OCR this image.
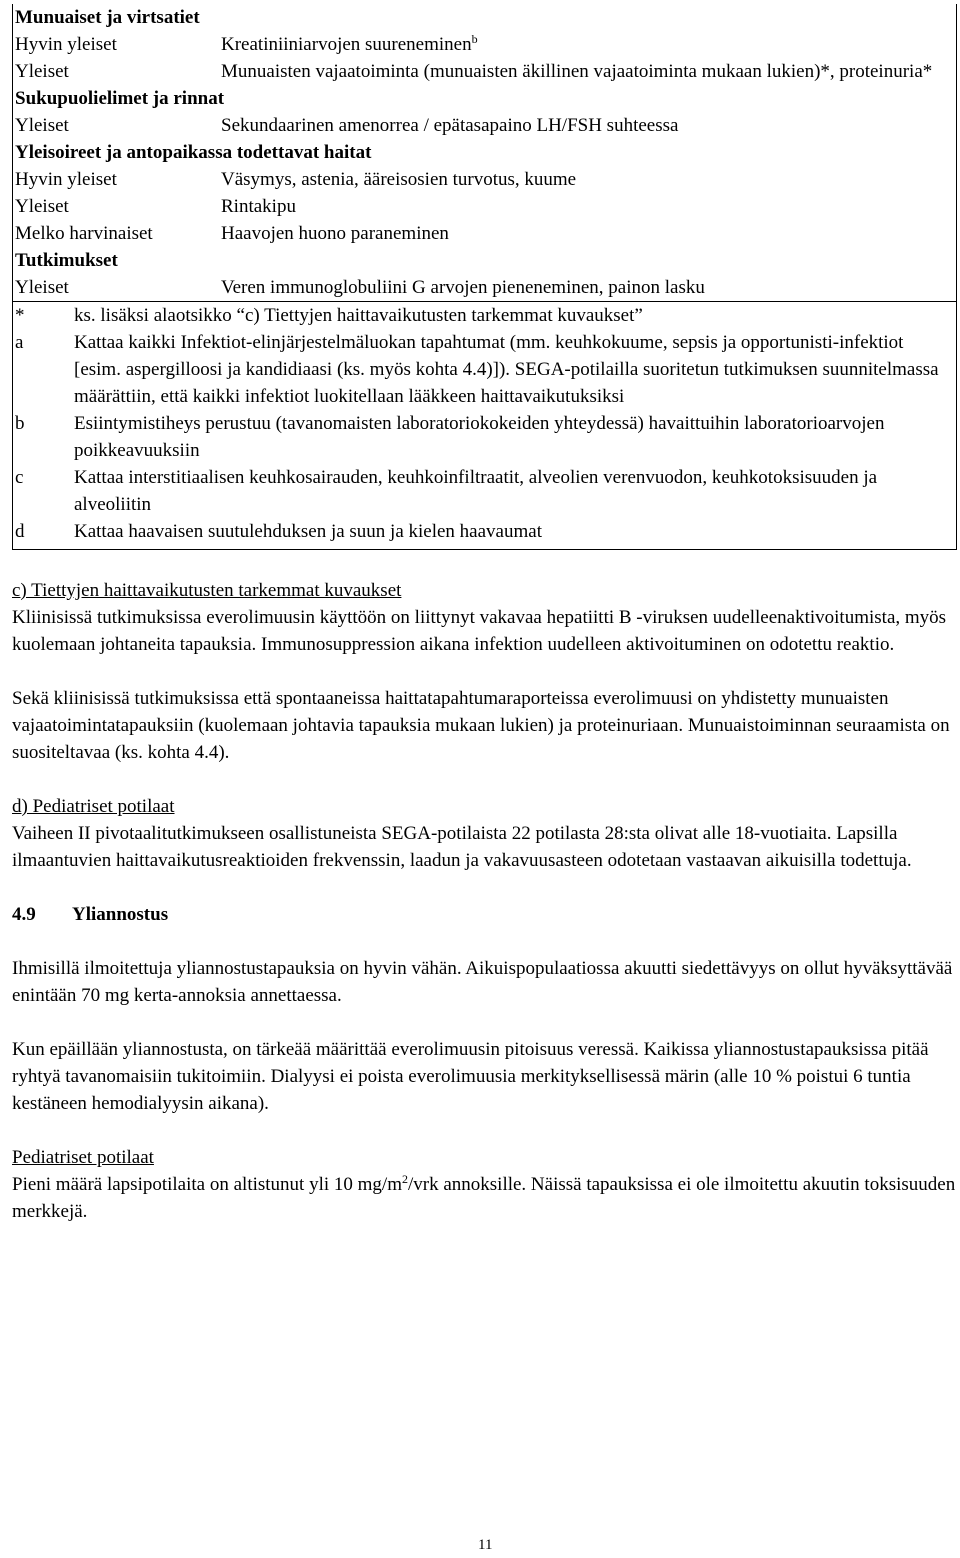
Munuaiset ja virtsatiet
Hyvin yleiset	Kreatiniiniarvojen suureneminen$^b$
Yleiset	Munuaisten vajaatoiminta (munuaisten äkillinen vajaatoiminta mukaan lukien)*, proteinuria*
Sukupuolielimet ja rinnat
Yleiset	Sekundaarinen amenorrea / epätasapaino LH/FSH suhteessa
Yleisoireet ja antopaikassa todettavat haitat
Hyvin yleiset	Väsymys, astenia, ääreisosien turvotus, kuume
Yleiset	Rintakipu
Melko harvinaiset	Haavojen huono paraneminen
Tutkimukset
Yleiset	Veren immunoglobuliini G arvojen pieneneminen, painon lasku
*	ks. lisäksi alaotsikko “c) Tiettyjen haittavaikutusten tarkemmat kuvaukset”
a	Kattaa kaikki Infektiot-elinjärjestelmäluokan tapahtumat (mm. keuhkokuume, sepsis ja opportunisti-infektiot [esim. aspergilloosi ja kandidiaasi (ks. myös kohta 4.4)]). SEGA-potilailla suoritetun tutkimuksen suunnitelmassa määrättiin, että kaikki infektiot luokitellaan lääkkeen haittavaikutuksiksi
b	Esiintymistiheys perustuu (tavanomaisten laboratoriokokeiden yhteydessä) havaittuihin laboratorioarvojen poikkeavuuksiin
c	Kattaa interstitiaalisen keuhkosairauden, keuhkoinfiltraatit, alveolien verenvuodon, keuhkotoksisuuden ja alveoliitin
d	Kattaa haavaisen suutulehduksen ja suun ja kielen haavaumat

c) Tiettyjen haittavaikutusten tarkemmat kuvaukset

Kliinisissä tutkimuksissa everolimuusin käyttöön on liittynyt vakavaa hepatiitti B -viruksen uudelleenaktivoitumista, myös kuolemaan johtaneita tapauksia. Immunosuppression aikana infektion uudelleen aktivoituminen on odotettu reaktio.

Sekä kliinisissä tutkimuksissa että spontaaneissa haittatapahtumaraporteissa everolimuusi on yhdistetty munuaisten vajaatoimintatapauksiin (kuolemaan johtavia tapauksia mukaan lukien) ja proteinuriaan. Munuaistoiminnan seuraamista on suositeltavaa (ks. kohta 4.4).

d) Pediatriset potilaat

Vaiheen II pivotaalitutkimukseen osallistuneista SEGA-potilaista 22 potilasta 28:sta olivat alle 18-vuotiaita. Lapsilla ilmaantuvien haittavaikutusreaktioiden frekvenssin, laadun ja vakavuusasteen odotetaan vastaavan aikuisilla todettuja.

4.9	Yliannostus

Ihmisillä ilmoitettuja yliannostustapauksia on hyvin vähän. Aikuispopulaatiossa akuutti siedettävyys on ollut hyväksyttävää enintään 70 mg kerta-annoksia annettaessa.

Kun epäillään yliannostusta, on tärkeää määrittää everolimuusin pitoisuus veressä. Kaikissa yliannostustapauksissa pitää ryhtyä tavanomaisiin tukitoimiin. Dialyysi ei poista everolimuusia merkityksellisessä märin (alle 10 % poistui 6 tuntia kestäneen hemodialyysin aikana).

Pediatriset potilaat

Pieni määrä lapsipotilaita on altistunut yli 10 $mg/m^2$/vrk annoksille. Näissä tapauksissa ei ole ilmoitettu akuutin toksisuuden merkkejä.

11
